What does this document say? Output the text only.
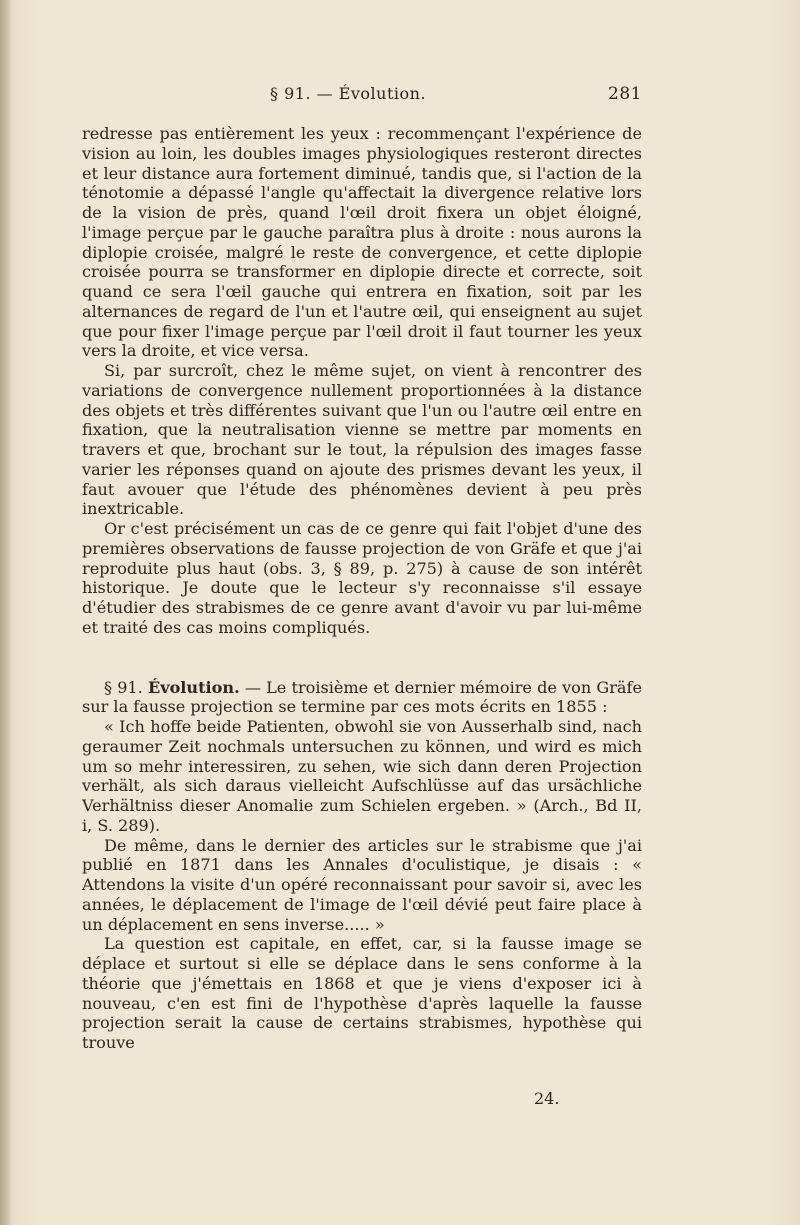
§ 91. — Évolution.	281

redresse pas entièrement les yeux : recommençant l'expérience de vision au loin, les doubles images physiologiques resteront directes et leur distance aura fortement diminué, tandis que, si l'action de la ténotomie a dépassé l'angle qu'affectait la divergence relative lors de la vision de près, quand l'œil droit fixera un objet éloigné, l'image perçue par le gauche paraîtra plus à droite : nous aurons la diplopie croisée, malgré le reste de convergence, et cette diplopie croisée pourra se transformer en diplopie directe et correcte, soit quand ce sera l'œil gauche qui entrera en fixation, soit par les alternances de regard de l'un et l'autre œil, qui enseignent au sujet que pour fixer l'image perçue par l'œil droit il faut tourner les yeux vers la droite, et vice versa.

Si, par surcroît, chez le même sujet, on vient à rencontrer des variations de convergence nullement proportionnées à la distance des objets et très différentes suivant que l'un ou l'autre œil entre en fixation, que la neutralisation vienne se mettre par moments en travers et que, brochant sur le tout, la répulsion des images fasse varier les réponses quand on ajoute des prismes devant les yeux, il faut avouer que l'étude des phénomènes devient à peu près inextricable.

Or c'est précisément un cas de ce genre qui fait l'objet d'une des premières observations de fausse projection de von Gräfe et que j'ai reproduite plus haut (obs. 3, § 89, p. 275) à cause de son intérêt historique. Je doute que le lecteur s'y reconnaisse s'il essaye d'étudier des strabismes de ce genre avant d'avoir vu par lui-même et traité des cas moins compliqués.

§ 91. Évolution. — Le troisième et dernier mémoire de von Gräfe sur la fausse projection se termine par ces mots écrits en 1855 :

« Ich hoffe beide Patienten, obwohl sie von Ausserhalb sind, nach geraumer Zeit nochmals untersuchen zu können, und wird es mich um so mehr interessiren, zu sehen, wie sich dann deren Projection verhält, als sich daraus vielleicht Aufschlüsse auf das ursächliche Verhältniss dieser Anomalie zum Schielen ergeben. » (Arch., Bd II, i, S. 289).

De même, dans le dernier des articles sur le strabisme que j'ai publié en 1871 dans les Annales d'oculistique, je disais : « Attendons la visite d'un opéré reconnaissant pour savoir si, avec les années, le déplacement de l'image de l'œil dévié peut faire place à un déplacement en sens inverse..... »

La question est capitale, en effet, car, si la fausse image se déplace et surtout si elle se déplace dans le sens conforme à la théorie que j'émettais en 1868 et que je viens d'exposer ici à nouveau, c'en est fini de l'hypothèse d'après laquelle la fausse projection serait la cause de certains strabismes, hypothèse qui trouve

24.
